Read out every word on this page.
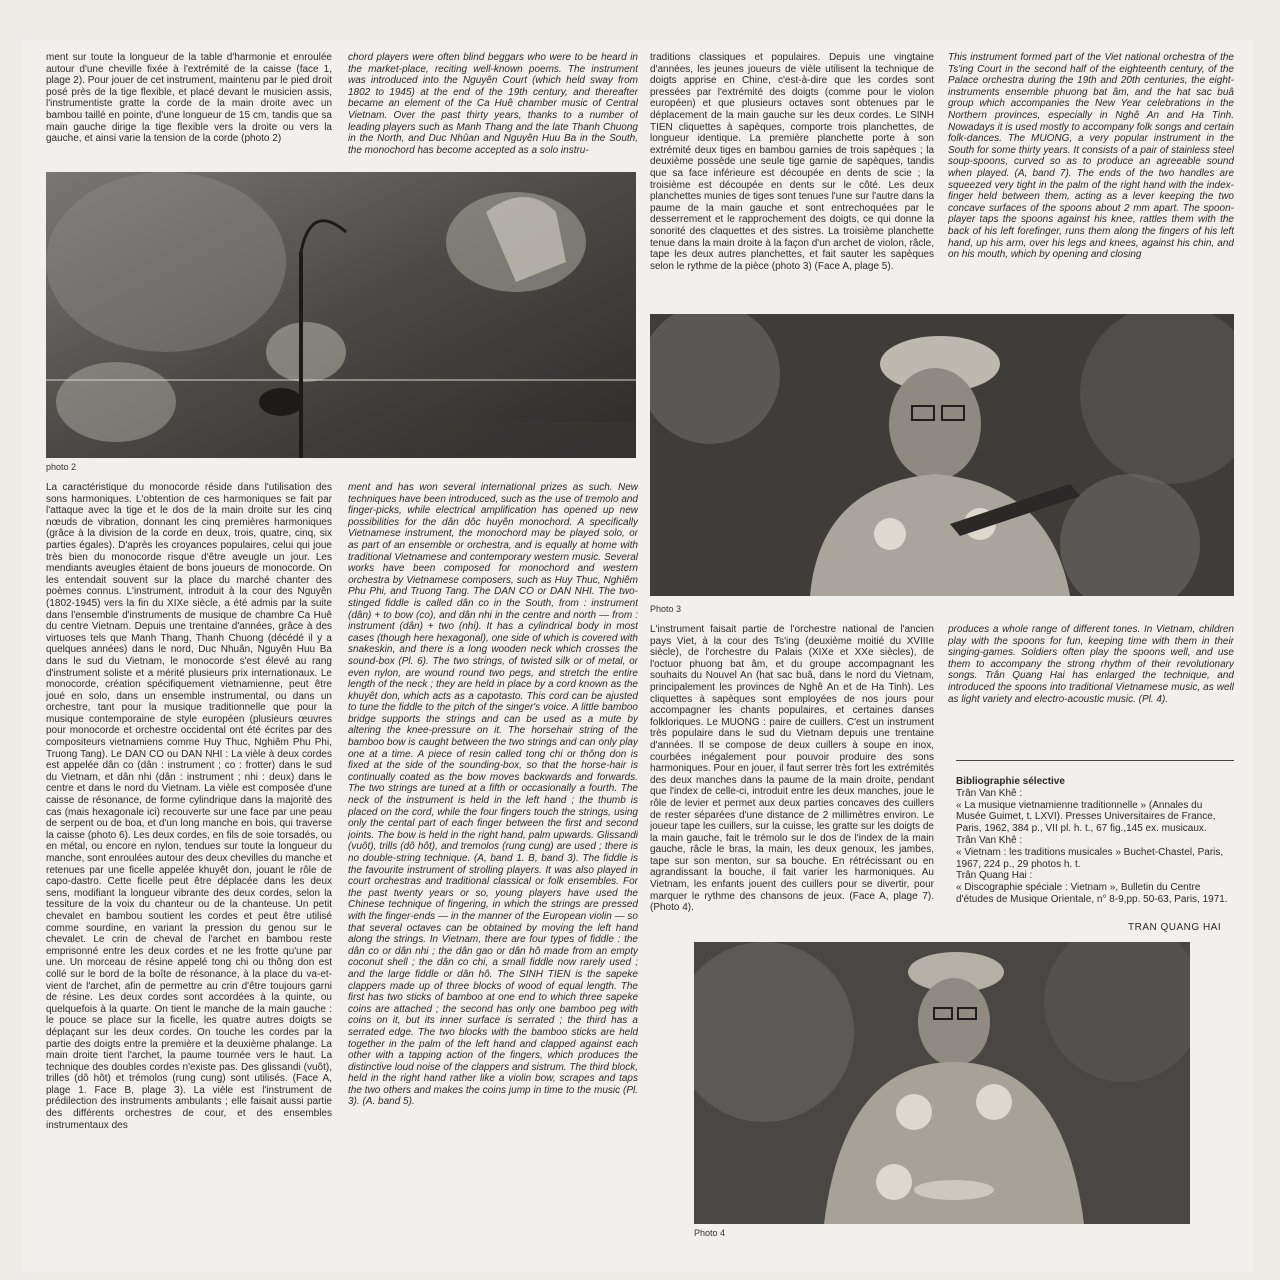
ment sur toute la longueur de la table d'harmonie et enroulée autour d'une cheville fixée à l'extrémité de la caisse (face 1, plage 2). Pour jouer de cet instrument, maintenu par le pied droit posé près de la tige flexible, et placé devant le musicien assis, l'instrumentiste gratte la corde de la main droite avec un bambou taillé en pointe, d'une longueur de 15 cm, tandis que sa main gauche dirige la tige flexible vers la droite ou vers la gauche, et ainsi varie la tension de la corde (photo 2)
chord players were often blind beggars who were to be heard in the market-place, reciting well-known poems. The instrument was introduced into the Nguyên Court (which held sway from 1802 to 1945) at the end of the 19th century, and thereafter became an element of the Ca Huê chamber music of Central Vietnam. Over the past thirty years, thanks to a number of leading players such as Manh Thang and the late Thanh Chuong in the North, and Duc Nhûan and Nguyên Huu Ba in the South, the monochord has become accepted as a solo instru-
photo 2
La caractéristique du monocorde réside dans l'utilisation des sons harmoniques. L'obtention de ces harmoniques se fait par l'attaque avec la tige et le dos de la main droite sur les cinq nœuds de vibration, donnant les cinq premières harmoniques (grâce à la division de la corde en deux, trois, quatre, cinq, six parties égales). D'après les croyances populaires, celui qui joue très bien du monocorde risque d'être aveugle un jour. Les mendiants aveugles étaient de bons joueurs de monocorde. On les entendait souvent sur la place du marché chanter des poèmes connus. L'instrument, introduit à la cour des Nguyên (1802-1945) vers la fin du XIXe siècle, a été admis par la suite dans l'ensemble d'instruments de musique de chambre Ca Huê du centre Vietnam. Depuis une trentaine d'années, grâce à des virtuoses tels que Manh Thang, Thanh Chuong (décédé il y a quelques années) dans le nord, Duc Nhuân, Nguyên Huu Ba dans le sud du Vietnam, le monocorde s'est élevé au rang d'instrument soliste et a mérité plusieurs prix internationaux. Le monocorde, création spécifiquement vietnamienne, peut être joué en solo, dans un ensemble instrumental, ou dans un orchestre, tant pour la musique traditionnelle que pour la musique contemporaine de style européen (plusieurs œuvres pour monocorde et orchestre occidental ont été écrites par des compositeurs vietnamiens comme Huy Thuc, Nghiêm Phu Phi, Truong Tang). Le DAN CO ou DAN NHI : La vièle à deux cordes est appelée dân co (dân : instrument ; co : frotter) dans le sud du Vietnam, et dân nhi (dân : instrument ; nhi : deux) dans le centre et dans le nord du Vietnam. La vièle est composée d'une caisse de résonance, de forme cylindrique dans la majorité des cas (mais hexagonale ici) recouverte sur une face par une peau de serpent ou de boa, et d'un long manche en bois, qui traverse la caisse (photo 6). Les deux cordes, en fils de soie torsadés, ou en métal, ou encore en nylon, tendues sur toute la longueur du manche, sont enroulées autour des deux chevilles du manche et retenues par une ficelle appelée khuyêt don, jouant le rôle de capo-dastro. Cette ficelle peut être déplacée dans les deux sens, modifiant la longueur vibrante des deux cordes, selon la tessiture de la voix du chanteur ou de la chanteuse. Un petit chevalet en bambou soutient les cordes et peut être utilisé comme sourdine, en variant la pression du genou sur le chevalet. Le crin de cheval de l'archet en bambou reste emprisonné entre les deux cordes et ne les frotte qu'une par une. Un morceau de résine appelé tong chi ou thông don est collé sur le bord de la boîte de résonance, à la place du va-et-vient de l'archet, afin de permettre au crin d'être toujours garni de résine. Les deux cordes sont accordées à la quinte, ou quelquefois à la quarte. On tient le manche de la main gauche : le pouce se place sur la ficelle, les quatre autres doigts se déplaçant sur les deux cordes. On touche les cordes par la partie des doigts entre la première et la deuxième phalange. La main droite tient l'archet, la paume tournée vers le haut. La technique des doubles cordes n'existe pas. Des glissandi (vuôt), trilles (dô hôt) et trémolos (rung cung) sont utilisés. (Face A, plage 1. Face B, plage 3). La vièle est l'instrument de prédilection des instruments ambulants ; elle faisait aussi partie des différents orchestres de cour, et des ensembles instrumentaux des
ment and has won several international prizes as such. New techniques have been introduced, such as the use of tremolo and finger-picks, while electrical amplification has opened up new possibilities for the dân dôc huyên monochord. A specifically Vietnamese instrument, the monochord may be played solo, or as part of an ensemble or orchestra, and is equally at home with traditional Vietnamese and contemporary western music. Several works have been composed for monochord and western orchestra by Vietnamese composers, such as Huy Thuc, Nghiêm Phu Phi, and Truong Tang. The DAN CO or DAN NHI. The two-stinged fiddle is called dân co in the South, from : instrument (dân) + to bow (co), and dân nhi in the centre and north — from : instrument (dân) + two (nhi). It has a cylindrical body in most cases (though here hexagonal), one side of which is covered with snakeskin, and there is a long wooden neck which crosses the sound-box (Pl. 6). The two strings, of twisted silk or of metal, or even nylon, are wound round two pegs, and stretch the entire length of the neck ; they are held in place by a cord known as the khuyêt don, which acts as a capotasto. This cord can be ajusted to tune the fiddle to the pitch of the singer's voice. A little bamboo bridge supports the strings and can be used as a mute by altering the knee-pressure on it. The horsehair string of the bamboo bow is caught between the two strings and can only play one at a time. A piece of resin called tong chi or thông don is fixed at the side of the sounding-box, so that the horse-hair is continually coated as the bow moves backwards and forwards. The two strings are tuned at a fifth or occasionally a fourth. The neck of the instrument is held in the left hand ; the thumb is placed on the cord, while the four fingers touch the strings, using only the cental part of each finger between the first and second joints. The bow is held in the right hand, palm upwards. Glissandi (vuôt), trills (dô hôt), and tremolos (rung cung) are used ; there is no double-string technique. (A, band 1. B, band 3). The fiddle is the favourite instrument of strolling players. It was also played in court orchestras and traditional classical or folk ensembles. For the past twenty years or so, young players have used the Chinese technique of fingering, in which the strings are pressed with the finger-ends — in the manner of the European violin — so that several octaves can be obtained by moving the left hand along the strings. In Vietnam, there are four types of fiddle : the dân co or dân nhi ; the dân gao or dân hô made from an empty coconut shell ; the dân co chi, a small fiddle now rarely used ; and the large fiddle or dân hô. The SINH TIEN is the sapeke clappers made up of three blocks of wood of equal length. The first has two sticks of bamboo at one end to which three sapeke coins are attached ; the second has only one bamboo peg with coins on it, but its inner surface is serrated ; the third has a serrated edge. The two blocks with the bamboo sticks are held together in the palm of the left hand and clapped against each other with a tapping action of the fingers, which produces the distinctive loud noise of the clappers and sistrum. The third block, held in the right hand rather like a violin bow, scrapes and taps the two others and makes the coins jump in time to the music (Pl. 3). (A. band 5).
traditions classiques et populaires. Depuis une vingtaine d'années, les jeunes joueurs de vièle utilisent la technique de doigts apprise en Chine, c'est-à-dire que les cordes sont pressées par l'extrémité des doigts (comme pour le violon européen) et que plusieurs octaves sont obtenues par le déplacement de la main gauche sur les deux cordes. Le SINH TIEN cliquettes à sapèques, comporte trois planchettes, de longueur identique. La première planchette porte à son extrémité deux tiges en bambou garnies de trois sapèques ; la deuxième possède une seule tige garnie de sapèques, tandis que sa face inférieure est découpée en dents de scie ; la troisième est découpée en dents sur le côté. Les deux planchettes munies de tiges sont tenues l'une sur l'autre dans la paume de la main gauche et sont entrechoquées par le desserrement et le rapprochement des doigts, ce qui donne la sonorité des claquettes et des sistres. La troisième planchette tenue dans la main droite à la façon d'un archet de violon, râcle, tape les deux autres planchettes, et fait sauter les sapèques selon le rythme de la pièce (photo 3) (Face A, plage 5).
This instrument formed part of the Viet national orchestra of the Ts'ing Court in the second half of the eighteenth century, of the Palace orchestra during the 19th and 20th centuries, the eight-instruments ensemble phuong bat âm, and the hat sac buâ group which accompanies the New Year celebrations in the Northern provinces, especially in Nghê An and Ha Tinh. Nowadays it is used mostly to accompany folk songs and certain folk-dances. The MUONG, a very popular instrument in the South for some thirty years. It consists of a pair of stainless steel soup-spoons, curved so as to produce an agreeable sound when played. (A, band 7). The ends of the two handles are squeezed very tight in the palm of the right hand with the index-finger held between them, acting as a lever keeping the two concave surfaces of the spoons about 2 mm apart. The spoon-player taps the spoons against his knee, rattles them with the back of his left forefinger, runs them along the fingers of his left hand, up his arm, over his legs and knees, against his chin, and on his mouth, which by opening and closing
Photo 3
L'instrument faisait partie de l'orchestre national de l'ancien pays Viet, à la cour des Ts'ing (deuxième moitié du XVIIIe siècle), de l'orchestre du Palais (XIXe et XXe siècles), de l'octuor phuong bat âm, et du groupe accompagnant les souhaits du Nouvel An (hat sac buâ, dans le nord du Vietnam, principalement les provinces de Nghê An et de Ha Tinh). Les cliquettes à sapèques sont employées de nos jours pour accompagner les chants populaires, et certaines danses folkloriques. Le MUONG : paire de cuillers. C'est un instrument très populaire dans le sud du Vietnam depuis une trentaine d'années. Il se compose de deux cuillers à soupe en inox, courbées inégalement pour pouvoir produire des sons harmoniques. Pour en jouer, il faut serrer très fort les extrémités des deux manches dans la paume de la main droite, pendant que l'index de celle-ci, introduit entre les deux manches, joue le rôle de levier et permet aux deux parties concaves des cuillers de rester séparées d'une distance de 2 millimètres environ. Le joueur tape les cuillers, sur la cuisse, les gratte sur les doigts de la main gauche, fait le trémolo sur le dos de l'index de la main gauche, râcle le bras, la main, les deux genoux, les jambes, tape sur son menton, sur sa bouche. En rétrécissant ou en agrandissant la bouche, il fait varier les harmoniques. Au Vietnam, les enfants jouent des cuillers pour se divertir, pour marquer le rythme des chansons de jeux. (Face A, plage 7). (Photo 4).
produces a whole range of different tones. In Vietnam, children play with the spoons for fun, keeping time with them in their singing-games. Soldiers often play the spoons well, and use them to accompany the strong rhythm of their revolutionary songs. Trân Quang Hai has enlarged the technique, and introduced the spoons into traditional Vietnamese music, as well as light variety and electro-acoustic music. (Pl. 4).
Bibliographie sélective
Trân Van Khê :
« La musique vietnamienne traditionnelle » (Annales du Musée Guimet, t. LXVI). Presses Universitaires de France, Paris, 1962, 384 p., VII pl. h. t., 67 fig.,145 ex. musicaux.
Trân Van Khê :
« Vietnam : les traditions musicales » Buchet-Chastel, Paris, 1967, 224 p., 29 photos h. t.
Trân Quang Hai :
« Discographie spéciale : Vietnam », Bulletin du Centre d'études de Musique Orientale, n° 8-9,pp. 50-63, Paris, 1971.
TRAN QUANG HAI
Photo 4
